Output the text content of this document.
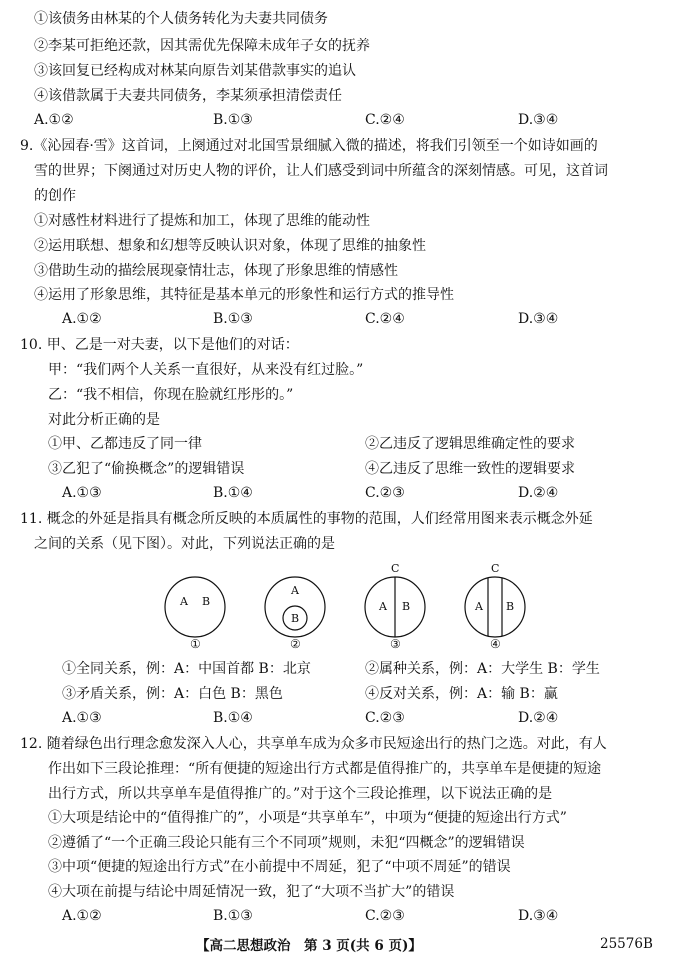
①该债务由林某的个人债务转化为夫妻共同债务
②李某可拒绝还款，因其需优先保障未成年子女的抚养
③该回复已经构成对林某向原告刘某借款事实的追认
④该借款属于夫妻共同债务，李某须承担清偿责任
A.①②	B.①③	C.②④	D.③④
9.《沁园春·雪》这首词，上阕通过对北国雪景细腻入微的描述，将我们引领至一个如诗如画的
雪的世界；下阕通过对历史人物的评价，让人们感受到词中所蕴含的深刻情感。可见，这首词
的创作
①对感性材料进行了提炼和加工，体现了思维的能动性
②运用联想、想象和幻想等反映认识对象，体现了思维的抽象性
③借助生动的描绘展现豪情壮志，体现了形象思维的情感性
④运用了形象思维，其特征是基本单元的形象性和运行方式的推导性
A.①②	B.①③	C.②④	D.③④
10. 甲、乙是一对夫妻，以下是他们的对话：
甲：“我们两个人关系一直很好，从来没有红过脸。”
乙：“我不相信，你现在脸就红彤彤的。”
对此分析正确的是
①甲、乙都违反了同一律	②乙违反了逻辑思维确定性的要求
③乙犯了“偷换概念”的逻辑错误	④乙违反了思维一致性的逻辑要求
A.①③	B.①④	C.②③	D.②④
11. 概念的外延是指具有概念所反映的本质属性的事物的范围，人们经常用图来表示概念外延
之间的关系（见下图）。对此，下列说法正确的是
A B
①
A
B
②
C
A B
③
C
A B
④
①全同关系，例：A：中国首都 B：北京	②属种关系，例：A：大学生 B：学生
③矛盾关系，例：A：白色 B：黑色	④反对关系，例：A：输 B：赢
A.①③	B.①④	C.②③	D.②④
12. 随着绿色出行理念愈发深入人心，共享单车成为众多市民短途出行的热门之选。对此，有人
作出如下三段论推理：“所有便捷的短途出行方式都是值得推广的，共享单车是便捷的短途
出行方式，所以共享单车是值得推广的。”对于这个三段论推理，以下说法正确的是
①大项是结论中的“值得推广的”，小项是“共享单车”，中项为“便捷的短途出行方式”
②遵循了“一个正确三段论只能有三个不同项”规则，未犯“四概念”的逻辑错误
③中项“便捷的短途出行方式”在小前提中不周延，犯了“中项不周延”的错误
④大项在前提与结论中周延情况一致，犯了“大项不当扩大”的错误
A.①②	B.①③	C.②③	D.③④
【高二思想政治　第 3 页(共 6 页)】	25576B
